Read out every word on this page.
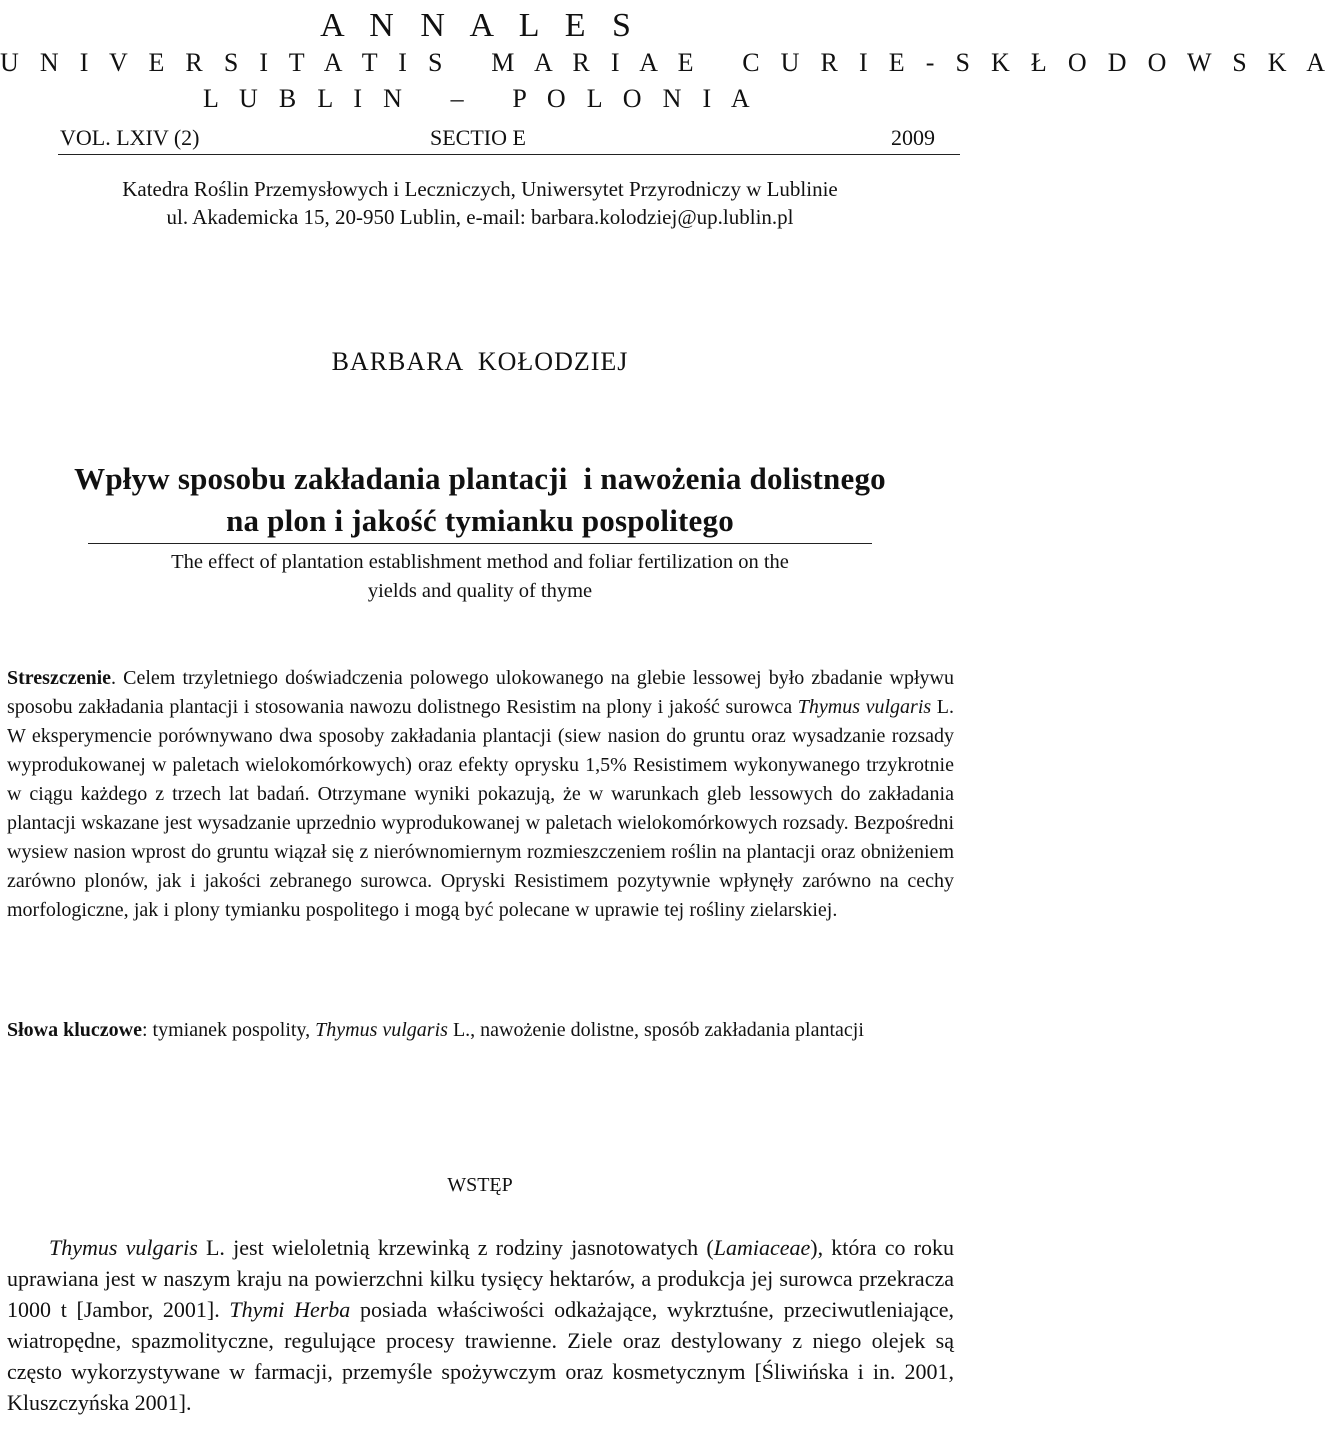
A N N A L E S
U N I V E R S I T A T I S   M A R I A E   C U R I E - S K Ł O D O W S K A
L U B L I N   –   P O L O N I A
VOL. LXIV (2)	SECTIO E	2009
Katedra Roślin Przemysłowych i Leczniczych, Uniwersytet Przyrodniczy w Lublinie
ul. Akademicka 15, 20-950 Lublin, e-mail: barbara.kolodziej@up.lublin.pl
BARBARA  KOŁODZIEJ
Wpływ sposobu zakładania plantacji  i nawożenia dolistnego
na plon i jakość tymianku pospolitego
The effect of plantation establishment method and foliar fertilization on the
yields and quality of thyme
Streszczenie. Celem trzyletniego doświadczenia polowego ulokowanego na glebie lessowej było zbadanie wpływu sposobu zakładania plantacji i stosowania nawozu dolistnego Resistim na plony i jakość surowca Thymus vulgaris L. W eksperymencie porównywano dwa sposoby zakładania plantacji (siew nasion do gruntu oraz wysadzanie rozsady wyprodukowanej w paletach wielokomórkowych) oraz efekty oprysku 1,5% Resistimem wykonywanego trzykrotnie w ciągu każdego z trzech lat badań. Otrzymane wyniki pokazują, że w warunkach gleb lessowych do zakładania plantacji wskazane jest wysadzanie uprzednio wyprodukowanej w paletach wielokomórkowych rozsady. Bezpośredni wysiew nasion wprost do gruntu wiązał się z nierównomiernym rozmieszczeniem roślin na plantacji oraz obniżeniem zarówno plonów, jak i jakości zebranego surowca. Opryski Resistimem pozytywnie wpłynęły zarówno na cechy morfologiczne, jak i plony tymianku pospolitego i mogą być polecane w uprawie tej rośliny zielarskiej.
Słowa kluczowe: tymianek pospolity, Thymus vulgaris L., nawożenie dolistne, sposób zakładania plantacji
WSTĘP
Thymus vulgaris L. jest wieloletnią krzewinką z rodziny jasnotowatych (Lamiaceae), która co roku uprawiana jest w naszym kraju na powierzchni kilku tysięcy hektarów, a produkcja jej surowca przekracza 1000 t [Jambor, 2001]. Thymi Herba posiada właściwości odkażające, wykrztuśne, przeciwutleniające, wiatropędne, spazmolityczne, regulujące procesy trawienne. Ziele oraz destylowany z niego olejek są często wykorzystywane w farmacji, przemyśle spożywczym oraz kosmetycznym [Śliwińska i in. 2001, Kluszczyńska 2001].
